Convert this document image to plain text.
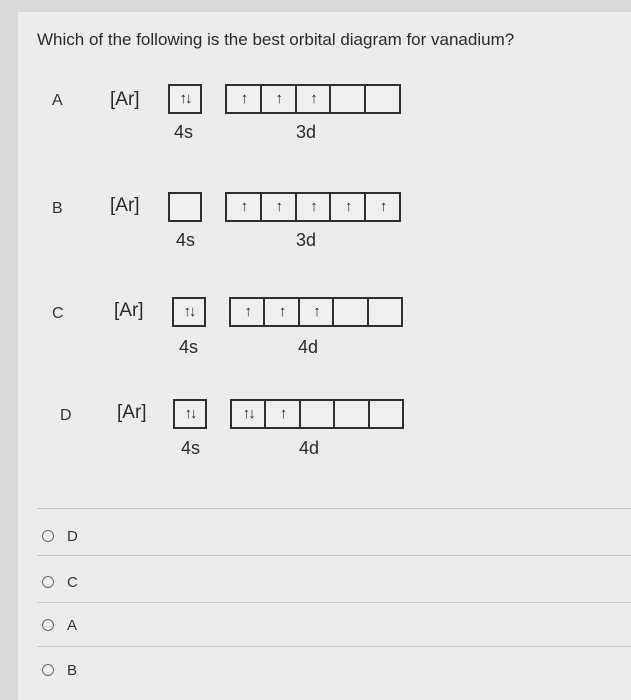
Which of the following is the best orbital diagram for vanadium?
A [Ar]	↑↓	↑	↑	↑
4s	3d
B [Ar]	↑	↑	↑	↑	↑
4s	3d
C	[Ar]	↑↓	↑	↑	↑
4s	4d
D [Ar]	↑↓	↑↓	↑
4s	4d
D
C
A
B
